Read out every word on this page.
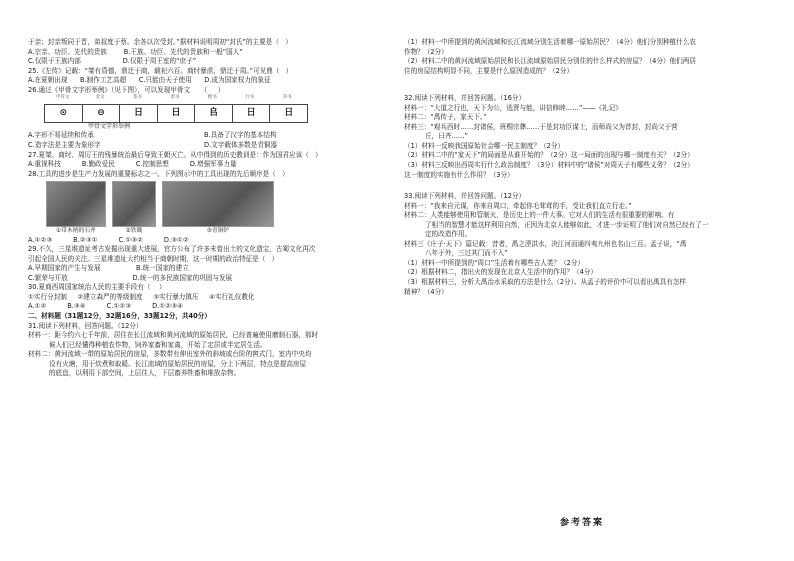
于亲；封亲叛同于晋，弟叔度于蔡。余各以次受封。”据材料说明周初“封氏”的主要是（   ）

A.宗亲、功臣、先代的贵族        B.王族、功臣、先代的贵族和一般“国人”

C.仅限于王族内部                    D.仅限于周王室的“庶子”

25.《左传》记载：“桀有昏德，鼎迁于商，载祀六百。商纣暴虐，鼎迁于周。”可见鼎（   ）

A.在夏朝出现      B.制作工艺高超      C.只能由天子使用      D.成为国家权力的象征

26.通过《甲骨文字形举例》（见下图），可以发现甲骨文     （     ）

甲骨文	金文	篆书	隶书	楷书	行书	草书
⊙	⊖	日	日	𠂤	日	日

甲骨文字形举例

A.字形不易延续和传承	B.具备了汉字的基本结构
C.造字法是主要为象形字	D.文字载体多数是青铜器

27.夏桀、商纣、周厉王的残暴统治最后导致王朝灭亡。从中得到的历史教训是：作为国君应该（   ）

A.重视科技          B.勤政爱民          C.控制思想          D.增强军事力量

28.工具的进步是生产力发展的重要标志之一。下列图示中的工具出现的先后顺序是（   ）

①带木柄的石斧	②铁锄	③青铜铲

A.①②③          B.②③①          C.①③②          D.③①②

29.不久，三星堆遗址考古发掘出现重大进展，官方公布了许多未曾出土的文化遗宝，古蜀文化再次

引起全国人民的关注。三星堆遗址大约相当于商朝时期，这一时期的政治特征是（   ）

A.早期国家的产生与发展                 B.统一国家的建立

C.繁荣与开放                               D.统一的多民族国家的巩固与发展

30.夏商西周国家统治人民的主要手段有（    ）

①实行分封制     ②建立森严的等级制度     ③实行暴力镇压     ④实行礼仪教化

A.①②          B.③④          C.①②③          D.①②③④

二、材料题（31题12分，32题16分，33题12分，共40分）

31.阅读下列材料，回答问题。（12分）

材料一：距今约六七千年前，居住在长江流域和黄河流域的原始居民，已经普遍使用磨制石器，那时

候人们已经懂得种植农作物，饲养家畜和家禽，开始了定居或半定居生活。

材料二：黄河流域一带的原始居民的房屋，多数带有伸出室外的斜坡或台阶的窖式门，室内中央均

设有火塘，用于炊煮和取暖。长江流域的原始居民的房屋，分上下两层，特点是提高房屋

的底盘，以利用下部空间，上层住人，下层畜养牲畜和堆放杂物。

（1）材料一中所提到的黄河流域和长江流域分别生活着哪一原始居民？（4分）他们分别种植什么农

作物？（2分）

（2）材料二中的黄河流域原始居民和长江流域原始居民分别住的什么样式的房屋？（4分）他们两居

住的房屋结构明显不同，主要是什么原因造成的？（2分）

32.阅读下列材料，并回答问题。（16分）

材料一：“大道之行也，天下为公，选贤与能，讲信修睦……”——《礼记》

材料二：“禹传子，家天下。”

材料三：“观兵西时……封诸侯，班赐宗彝……于是封功臣谋士，而师尚父为首封，封尚父于营

丘，曰齐……”

（1）材料一反映我国原始社会哪一民主制度？（2分）

（2）材料二中的“家天下”的局面是从谁开始的？（2分）这一局面的出现与哪一制度有关？（2分）

（3）材料三反映出西周实行什么政治制度？（3分）材料中的“诸侯”对周天子有哪些义务？（2分）

这一制度的实施有什么作用？（3分）

33.阅读下列材料，并回答问题。（12分）

材料一：“我来自元谋，你来自周口，牵起你毛茸茸的手，受让我们直立行走。”

材料二：人类能够使用和管制火，是历史上的一件大事。它对人们的生活有很重要的影响。有

了相当的智慧才能这样利用自然，正因为北京人能够如此，才进一步证明了他们对自然已经有了一

定的改造作用。

材料三《庄子·天下》篇记载：昔者，禹之湮洪水，决江河而通四夷九州也名山三百。孟子说，“禹

八年于外，三过其门而不入”

（1）材料一中所提到的“周口”生活着有哪些古人类？（2分）

（2）根据材料二，指出火的发现在北京人生活中的作用？（4分）

（3）根据材料三，分析大禹治水采取的方法是什么（2分）。从孟子的评价中可以看出禹具有怎样

精神？（4分）

参考答案
